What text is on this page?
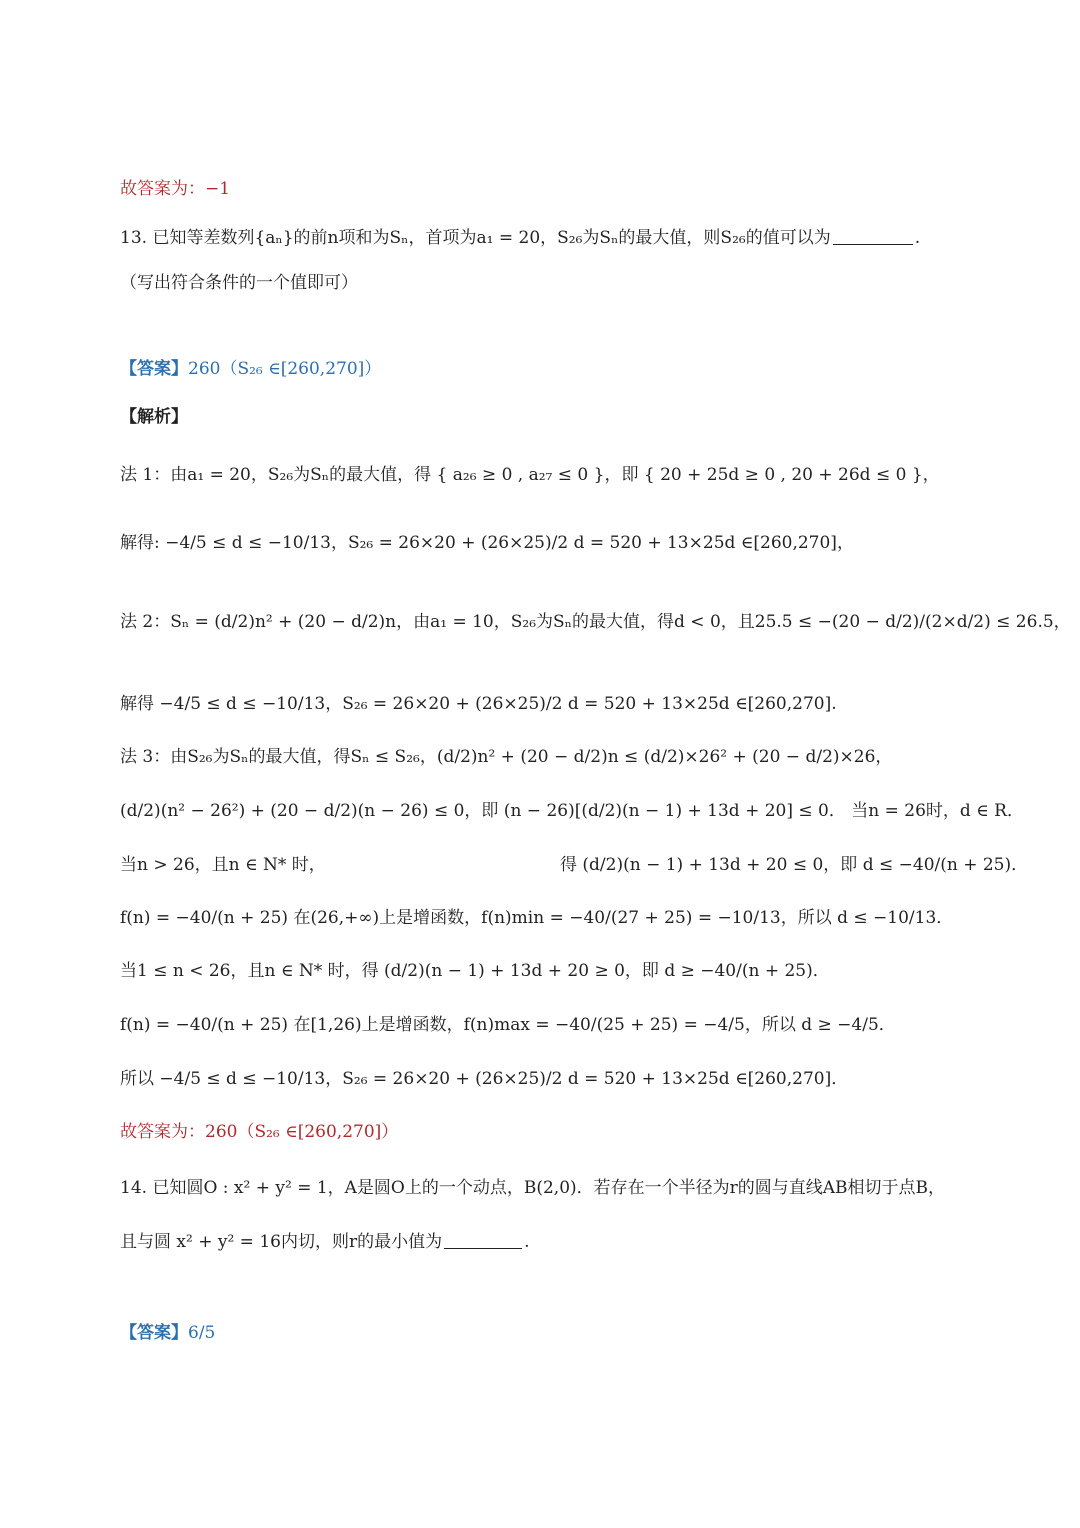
故答案为：−1
13. 已知等差数列{aₙ}的前n项和为Sₙ，首项为a₁ = 20，S₂₆为Sₙ的最大值，则S₂₆的值可以为	.
（写出符合条件的一个值即可）
【答案】260（S₂₆ ∈[260,270]）
【解析】
法 1：由a₁ = 20，S₂₆为Sₙ的最大值，得 { a₂₆ ≥ 0 , a₂₇ ≤ 0 }，即 { 20 + 25d ≥ 0 , 20 + 26d ≤ 0 }，
解得: −4/5 ≤ d ≤ −10/13，S₂₆ = 26×20 + (26×25)/2 d = 520 + 13×25d ∈[260,270]，
法 2：Sₙ = (d/2)n² + (20 − d/2)n，由a₁ = 10，S₂₆为Sₙ的最大值，得d < 0，且25.5 ≤ −(20 − d/2)/(2×d/2) ≤ 26.5，
解得 −4/5 ≤ d ≤ −10/13，S₂₆ = 26×20 + (26×25)/2 d = 520 + 13×25d ∈[260,270].
法 3：由S₂₆为Sₙ的最大值，得Sₙ ≤ S₂₆，(d/2)n² + (20 − d/2)n ≤ (d/2)×26² + (20 − d/2)×26，
(d/2)(n² − 26²) + (20 − d/2)(n − 26) ≤ 0，即 (n − 26)[(d/2)(n − 1) + 13d + 20] ≤ 0． 当n = 26时，d ∈ R．
当n > 26，且n ∈ N* 时，	得 (d/2)(n − 1) + 13d + 20 ≤ 0，即 d ≤ −40/(n + 25)．
f(n) = −40/(n + 25) 在(26,+∞)上是增函数，f(n)min = −40/(27 + 25) = −10/13，所以 d ≤ −10/13．
当1 ≤ n < 26，且n ∈ N* 时，得 (d/2)(n − 1) + 13d + 20 ≥ 0，即 d ≥ −40/(n + 25)．
f(n) = −40/(n + 25) 在[1,26)上是增函数，f(n)max = −40/(25 + 25) = −4/5，所以 d ≥ −4/5．
所以 −4/5 ≤ d ≤ −10/13，S₂₆ = 26×20 + (26×25)/2 d = 520 + 13×25d ∈[260,270]．
故答案为：260（S₂₆ ∈[260,270]）
14. 已知圆O : x² + y² = 1，A是圆O上的一个动点，B(2,0)．若存在一个半径为r的圆与直线AB相切于点B，
且与圆 x² + y² = 16内切，则r的最小值为	.
【答案】6/5
